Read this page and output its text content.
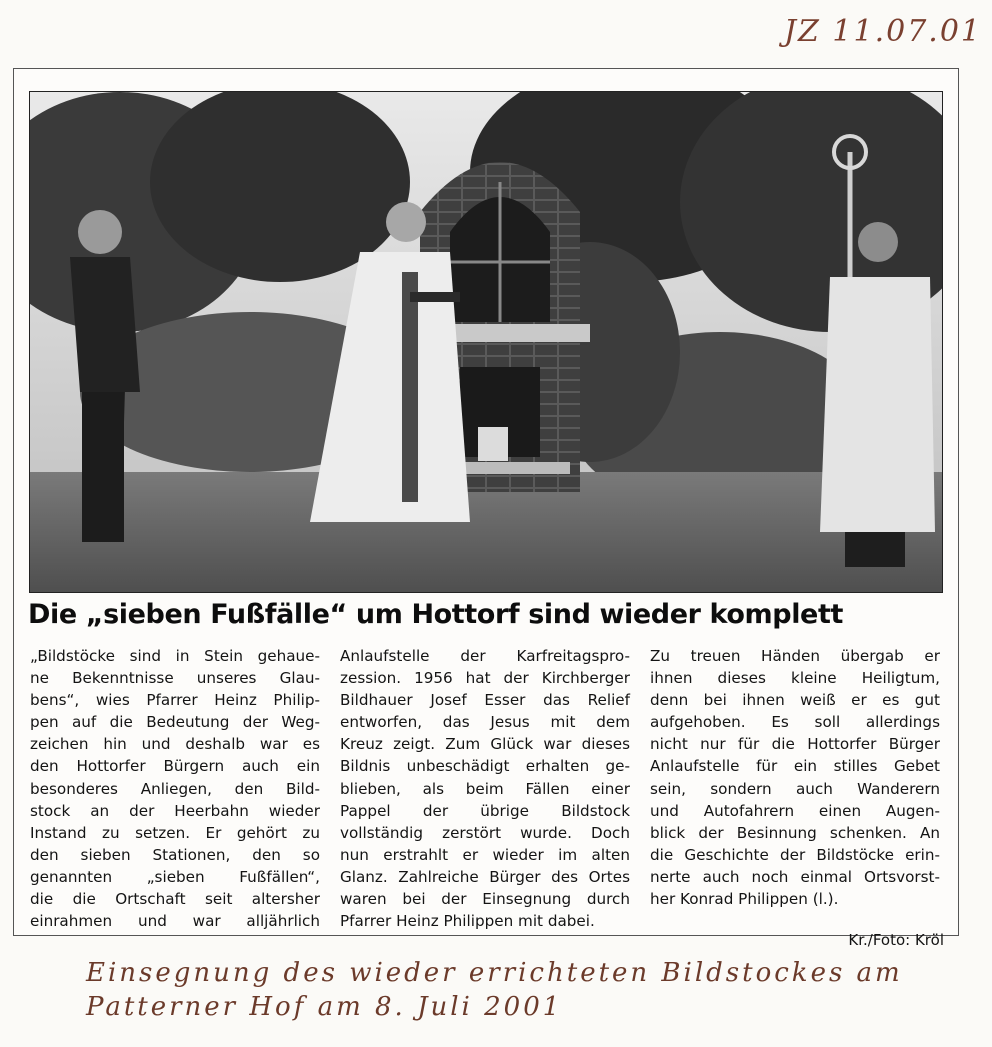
JZ 11.07.01
Die „sieben Fußfälle“ um Hottorf sind wieder komplett
„Bildstöcke sind in Stein gehaue-
ne Bekenntnisse unseres Glau-
bens“, wies Pfarrer Heinz Philip-
pen auf die Bedeutung der Weg-
zeichen hin und deshalb war es
den Hottorfer Bürgern auch ein
besonderes Anliegen, den Bild-
stock an der Heerbahn wieder
Instand zu setzen. Er gehört zu
den sieben Stationen, den so
genannten „sieben Fußfällen“,
die die Ortschaft seit altersher
einrahmen und war alljährlich
Anlaufstelle der Karfreitagspro-
zession. 1956 hat der Kirchberger
Bildhauer Josef Esser das Relief
entworfen, das Jesus mit dem
Kreuz zeigt. Zum Glück war dieses
Bildnis unbeschädigt erhalten ge-
blieben, als beim Fällen einer
Pappel der übrige Bildstock
vollständig zerstört wurde. Doch
nun erstrahlt er wieder im alten
Glanz. Zahlreiche Bürger des Ortes
waren bei der Einsegnung durch
Pfarrer Heinz Philippen mit dabei.
Zu treuen Händen übergab er
ihnen dieses kleine Heiligtum,
denn bei ihnen weiß er es gut
aufgehoben. Es soll allerdings
nicht nur für die Hottorfer Bürger
Anlaufstelle für ein stilles Gebet
sein, sondern auch Wanderern
und Autofahrern einen Augen-
blick der Besinnung schenken. An
die Geschichte der Bildstöcke erin-
nerte auch noch einmal Ortsvorst-
her Konrad Philippen (l.).
Kr./Foto: Kröl
Einsegnung des wieder errichteten Bildstockes am
Patterner Hof am 8. Juli 2001
